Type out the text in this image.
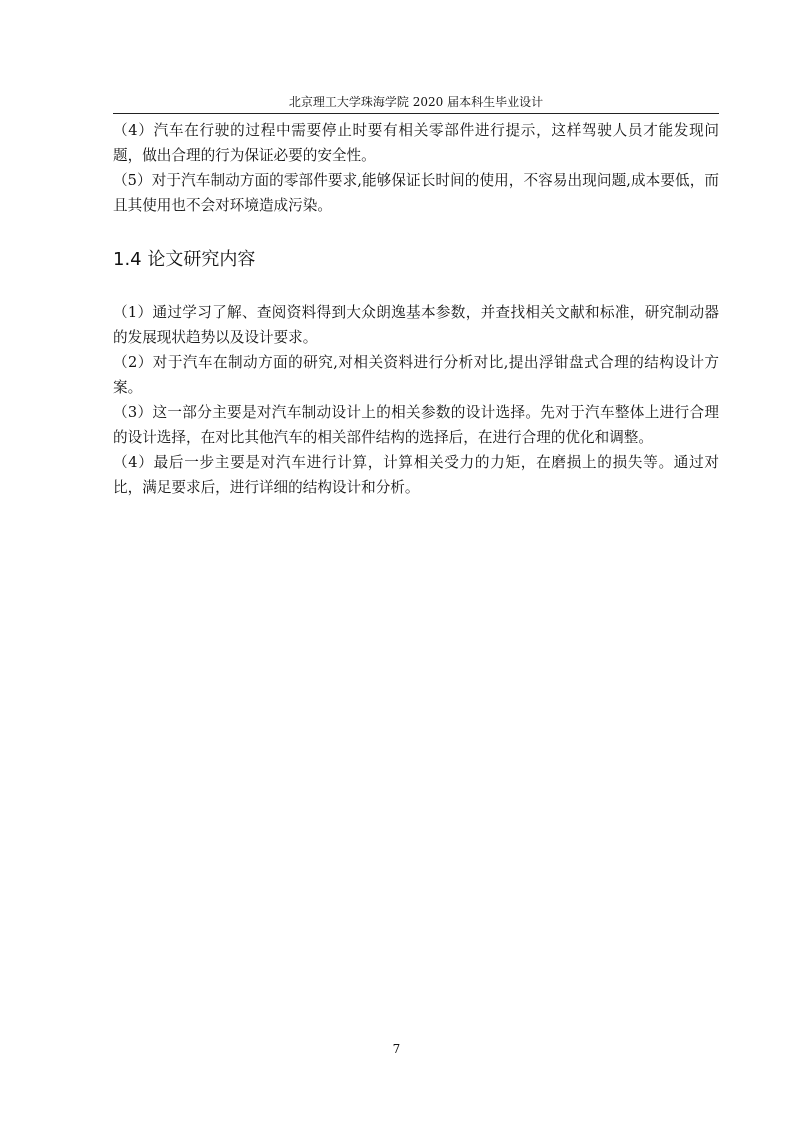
北京理工大学珠海学院 2020 届本科生毕业设计

（4）汽车在行驶的过程中需要停止时要有相关零部件进行提示，这样驾驶人员才能发现问题，做出合理的行为保证必要的安全性。

（5）对于汽车制动方面的零部件要求,能够保证长时间的使用，不容易出现问题,成本要低，而且其使用也不会对环境造成污染。

1.4 论文研究内容

（1）通过学习了解、查阅资料得到大众朗逸基本参数，并查找相关文献和标准，研究制动器的发展现状趋势以及设计要求。

（2）对于汽车在制动方面的研究,对相关资料进行分析对比,提出浮钳盘式合理的结构设计方案。

（3）这一部分主要是对汽车制动设计上的相关参数的设计选择。先对于汽车整体上进行合理的设计选择，在对比其他汽车的相关部件结构的选择后，在进行合理的优化和调整。

（4）最后一步主要是对汽车进行计算，计算相关受力的力矩，在磨损上的损失等。通过对比，满足要求后，进行详细的结构设计和分析。

7
